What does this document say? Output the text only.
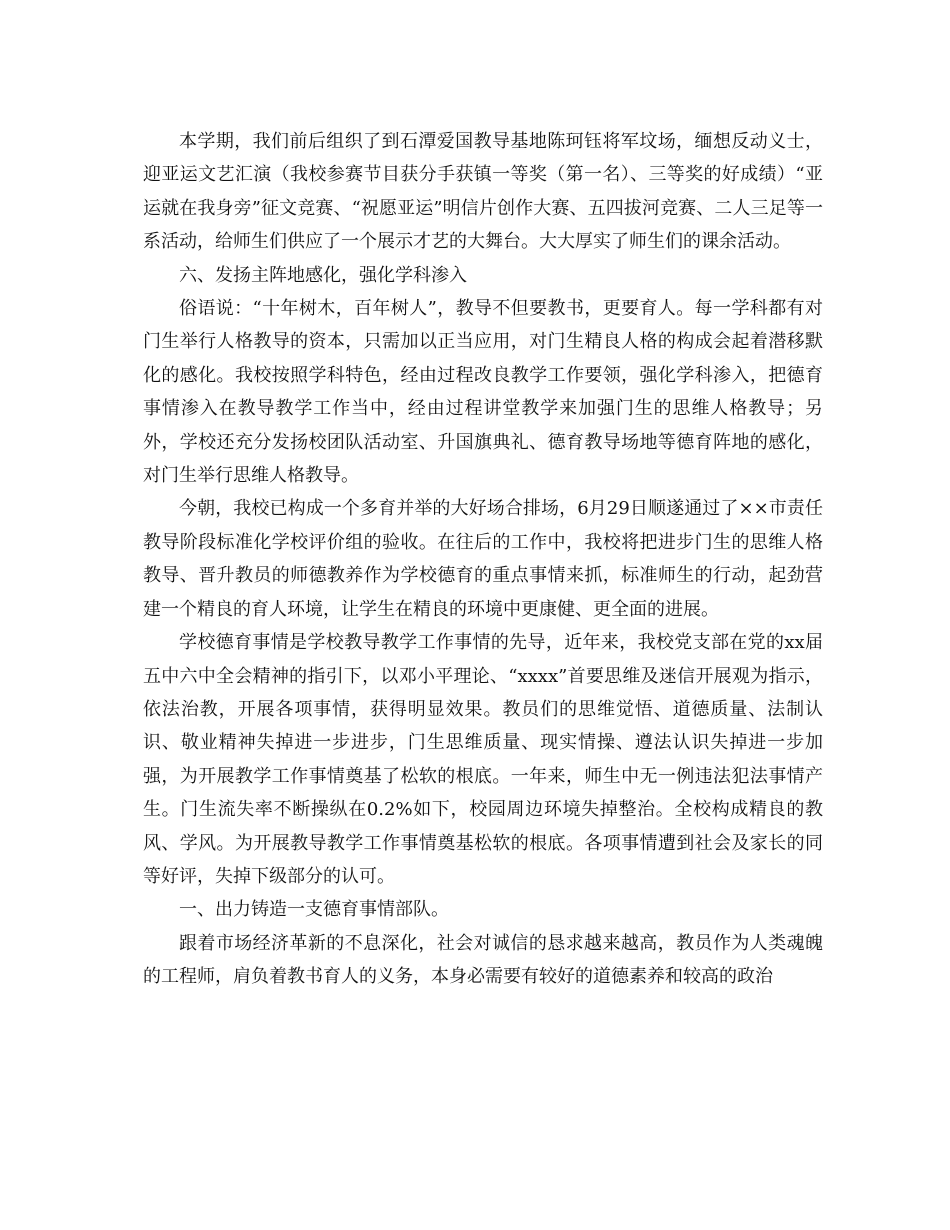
本学期，我们前后组织了到石潭爱国教导基地陈珂钰将军坟场，缅想反动义士，迎亚运文艺汇演（我校参赛节目获分手获镇一等奖（第一名）、三等奖的好成绩）“亚运就在我身旁”征文竞赛、“祝愿亚运”明信片创作大赛、五四拔河竞赛、二人三足等一系活动，给师生们供应了一个展示才艺的大舞台。大大厚实了师生们的课余活动。

六、发扬主阵地感化，强化学科渗入

俗语说：“十年树木，百年树人”，教导不但要教书，更要育人。每一学科都有对门生举行人格教导的资本，只需加以正当应用，对门生精良人格的构成会起着潜移默化的感化。我校按照学科特色，经由过程改良教学工作要领，强化学科渗入，把德育事情渗入在教导教学工作当中，经由过程讲堂教学来加强门生的思维人格教导；另外，学校还充分发扬校团队活动室、升国旗典礼、德育教导场地等德育阵地的感化，对门生举行思维人格教导。

今朝，我校已构成一个多育并举的大好场合排场，6月29日顺遂通过了××市责任教导阶段标准化学校评价组的验收。在往后的工作中，我校将把进步门生的思维人格教导、晋升教员的师德教养作为学校德育的重点事情来抓，标准师生的行动，起劲营建一个精良的育人环境，让学生在精良的环境中更康健、更全面的进展。

学校德育事情是学校教导教学工作事情的先导，近年来，我校党支部在党的xx届五中六中全会精神的指引下，以邓小平理论、“xxxx”首要思维及迷信开展观为指示，依法治教，开展各项事情，获得明显效果。教员们的思维觉悟、道德质量、法制认识、敬业精神失掉进一步进步，门生思维质量、现实情操、遵法认识失掉进一步加强，为开展教学工作事情奠基了松软的根底。一年来，师生中无一例违法犯法事情产生。门生流失率不断操纵在0.2%如下，校园周边环境失掉整治。全校构成精良的教风、学风。为开展教导教学工作事情奠基松软的根底。各项事情遭到社会及家长的同等好评，失掉下级部分的认可。

一、出力铸造一支德育事情部队。

跟着市场经济革新的不息深化，社会对诚信的恳求越来越高，教员作为人类魂魄的工程师，肩负着教书育人的义务，本身必需要有较好的道德素养和较高的政治
